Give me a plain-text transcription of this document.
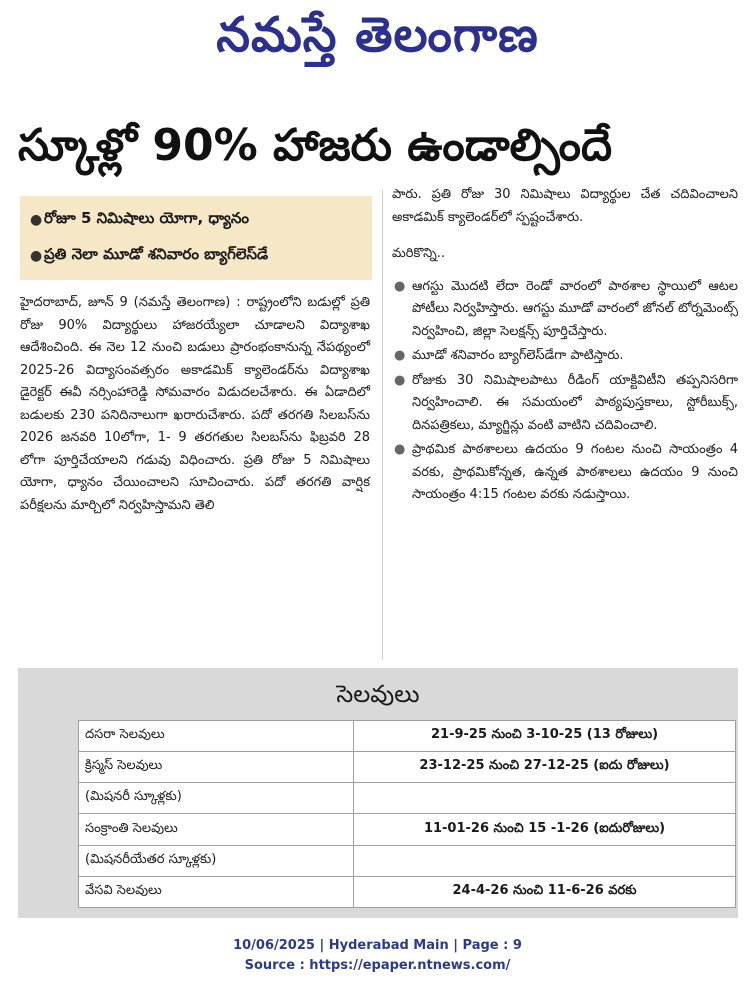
నమస్తే తెలంగాణ
స్కూళ్లో 90% హాజరు ఉండాల్సిందే
● రోజూ 5 నిమిషాలు యోగా, ధ్యానం
● ప్రతి నెలా మూడో శనివారం బ్యాగ్‌లెస్‌డే
హైదరాబాద్, జూన్ 9 (నమస్తే తెలంగాణ) : రాష్ట్రంలోని బడుల్లో ప్రతి రోజు 90% విద్యార్థులు హాజరయ్యేలా చూడాలని విద్యాశాఖ ఆదేశించింది. ఈ నెల 12 నుంచి బడులు ప్రారంభంకానున్న నేపథ్యంలో 2025-26 విద్యాసంవత్సరం అకాడమిక్ క్యాలెండర్‌ను విద్యాశాఖ డైరెక్టర్ ఈవీ నర్సింహారెడ్డి సోమవారం విడుదలచేశారు. ఈ ఏడాదిలో బడులకు 230 పనిదినాలుగా ఖరారుచేశారు. పదో తరగతి సిలబస్‌ను 2026 జనవరి 10లోగా, 1- 9 తరగతుల సిలబస్‌ను ఫిబ్రవరి 28 లోగా పూర్తిచేయాలని గడువు విధించారు. ప్రతి రోజు 5 నిమిషాలు యోగా, ధ్యానం చేయించాలని సూచించారు. పదో తరగతి వార్షిక పరీక్షలను మార్చిలో నిర్వహిస్తామని తెలి

పారు. ప్రతి రోజు 30 నిమిషాలు విద్యార్థుల చేత చదివించాలని అకాడమిక్ క్యాలెండర్‌లో స్పష్టంచేశారు.

మరికొన్ని..

● ఆగస్టు మొదటి లేదా రెండో వారంలో పాఠశాల స్థాయిలో ఆటల పోటీలు నిర్వహిస్తారు. ఆగస్టు మూడో వారంలో జోనల్ టోర్నమెంట్స్ నిర్వహించి, జిల్లా సెలక్షన్స్ పూర్తిచేస్తారు.
● మూడో శనివారం బ్యాగ్‌లెస్‌డేగా పాటిస్తారు.
● రోజుకు 30 నిమిషాలపాటు రీడింగ్ యాక్టివిటీని తప్పనిసరిగా నిర్వహించాలి. ఈ సమయంలో పాఠ్యపుస్తకాలు, స్టోరీబుక్స్, దినపత్రికలు, మ్యాగ్జిన్లు వంటి వాటిని చదివించాలి.
● ప్రాథమిక పాఠశాలలు ఉదయం 9 గంటల నుంచి సాయంత్రం 4 వరకు, ప్రాథమికోన్నత, ఉన్నత పాఠశాలలు ఉదయం 9 నుంచి సాయంత్రం 4:15 గంటల వరకు నడుస్తాయి.
సెలవులు
దసరా సెలవులు	21-9-25 నుంచి 3-10-25 (13 రోజులు)
క్రిస్మస్ సెలవులు	23-12-25 నుంచి 27-12-25 (ఐదు రోజులు)
(మిషనరీ స్కూళ్లకు)	
సంక్రాంతి సెలవులు	11-01-26 నుంచి 15 -1-26 (ఐదురోజులు)
(మిషనరీయేతర స్కూళ్లకు)	
వేసవి సెలవులు	24-4-26 నుంచి 11-6-26 వరకు
10/06/2025 | Hyderabad Main | Page : 9
Source : https://epaper.ntnews.com/
